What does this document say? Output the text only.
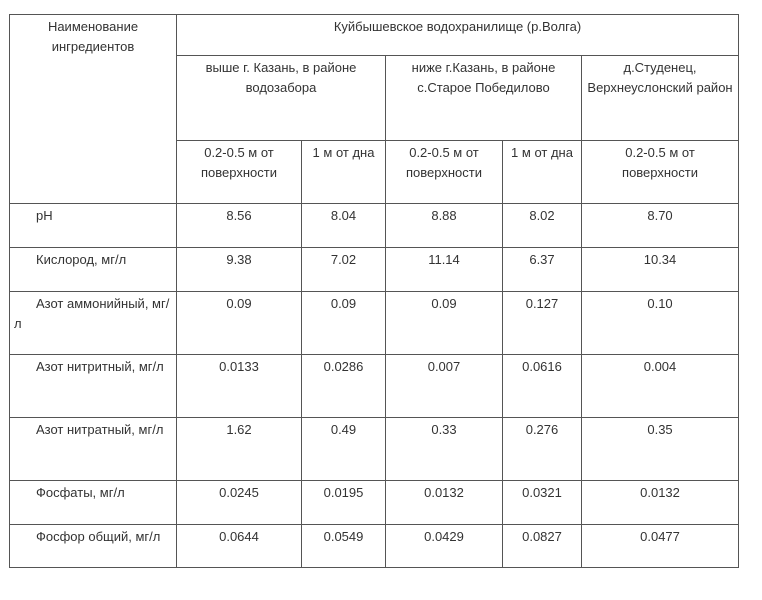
Наименование ингредиентов	Куйбышевское водохранилище (р.Волга)				
	выше г. Казань, в районе водозабора		ниже г.Казань, в районе с.Старое Победилово		д.Студенец, Верхнеуслонский район
	0.2-0.5 м от поверхности	1 м от дна	0.2-0.5 м от поверхности	1 м от дна	0.2-0.5 м от поверхности

pH	8.56	8.04	8.88	8.02	8.70

Кислород, мг/л	9.38	7.02	11.14	6.37	10.34

Азот аммонийный, мг/л	0.09	0.09	0.09	0.127	0.10

Азот нитритный, мг/л	0.0133	0.0286	0.007	0.0616	0.004

Азот нитратный, мг/л	1.62	0.49	0.33	0.276	0.35

Фосфаты, мг/л	0.0245	0.0195	0.0132	0.0321	0.0132

Фосфор общий, мг/л	0.0644	0.0549	0.0429	0.0827	0.0477
